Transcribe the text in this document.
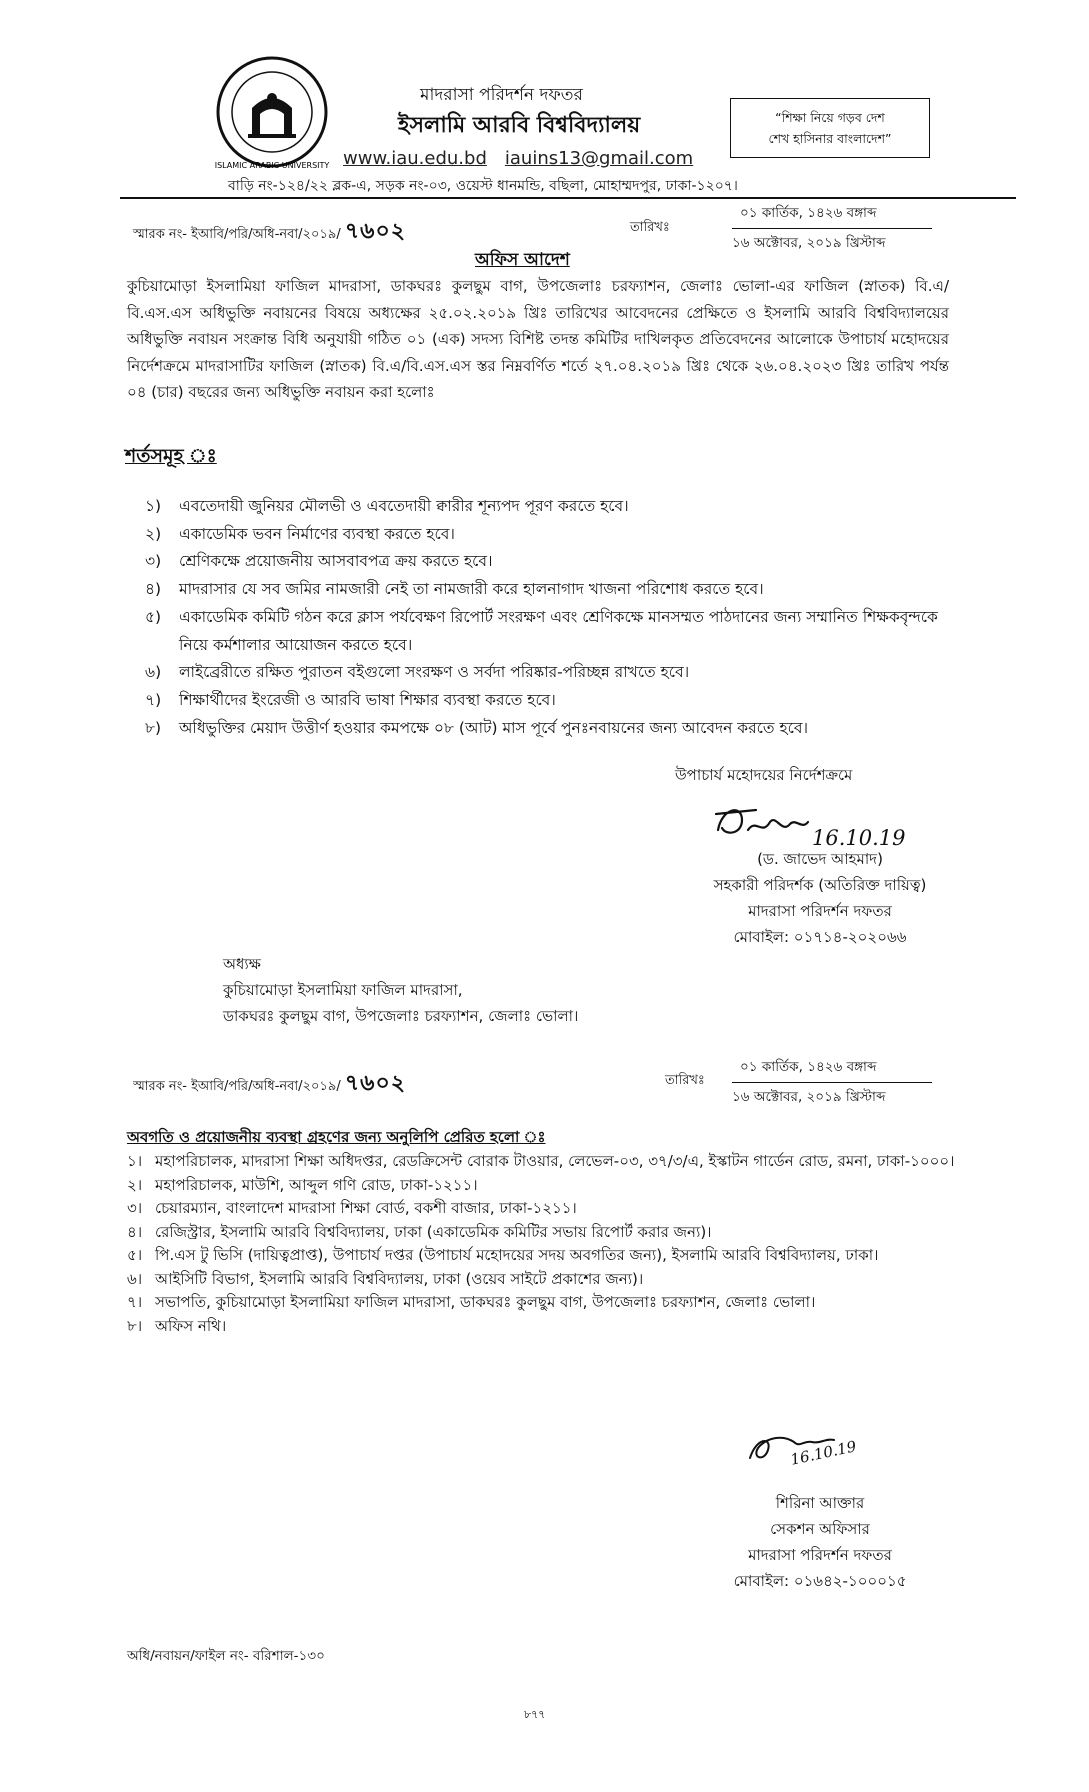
ISLAMIC ARABIC UNIVERSITY
মাদরাসা পরিদর্শন দফতর
ইসলামি আরবি বিশ্ববিদ্যালয়
www.iau.edu.bd iauins13@gmail.com
বাড়ি নং-১২৪/২২ ব্লক-এ, সড়ক নং-০৩, ওয়েস্ট ধানমন্ডি, বছিলা, মোহাম্মদপুর, ঢাকা-১২০৭।
“শিক্ষা নিয়ে গড়ব দেশ
শেখ হাসিনার বাংলাদেশ”
স্মারক নং- ইআবি/পরি/অধি-নবা/২০১৯/ ৭৬০২	তারিখঃ
০১ কার্তিক, ১৪২৬ বঙ্গাব্দ
১৬ অক্টোবর, ২০১৯ খ্রিস্টাব্দ
অফিস আদেশ
কুচিয়ামোড়া ইসলামিয়া ফাজিল মাদরাসা, ডাকঘরঃ কুলছুম বাগ, উপজেলাঃ চরফ্যাশন, জেলাঃ ভোলা-এর ফাজিল (স্নাতক) বি.এ/বি.এস.এস অধিভুক্তি নবায়নের বিষয়ে অধ্যক্ষের ২৫.০২.২০১৯ খ্রিঃ তারিখের আবেদনের প্রেক্ষিতে ও ইসলামি আরবি বিশ্ববিদ্যালয়ের অধিভুক্তি নবায়ন সংক্রান্ত বিধি অনুযায়ী গঠিত ০১ (এক) সদস্য বিশিষ্ট তদন্ত কমিটির দাখিলকৃত প্রতিবেদনের আলোকে উপাচার্য মহোদয়ের নির্দেশক্রমে মাদরাসাটির ফাজিল (স্নাতক) বি.এ/বি.এস.এস স্তর নিম্নবর্ণিত শর্তে ২৭.০৪.২০১৯ খ্রিঃ থেকে ২৬.০৪.২০২৩ খ্রিঃ তারিখ পর্যন্ত ০৪ (চার) বছরের জন্য অধিভুক্তি নবায়ন করা হলোঃ
শর্তসমূহ ঃ
১)	এবতেদায়ী জুনিয়র মৌলভী ও এবতেদায়ী ক্বারীর শূন্যপদ পূরণ করতে হবে।
২)	একাডেমিক ভবন নির্মাণের ব্যবস্থা করতে হবে।
৩)	শ্রেণিকক্ষে প্রয়োজনীয় আসবাবপত্র ক্রয় করতে হবে।
৪)	মাদরাসার যে সব জমির নামজারী নেই তা নামজারী করে হালনাগাদ খাজনা পরিশোধ করতে হবে।
৫)	একাডেমিক কমিটি গঠন করে ক্লাস পর্যবেক্ষণ রিপোর্ট সংরক্ষণ এবং শ্রেণিকক্ষে মানসম্মত পাঠদানের জন্য সম্মানিত শিক্ষকবৃন্দকে নিয়ে কর্মশালার আয়োজন করতে হবে।
৬)	লাইব্রেরীতে রক্ষিত পুরাতন বইগুলো সংরক্ষণ ও সর্বদা পরিষ্কার-পরিচ্ছন্ন রাখতে হবে।
৭)	শিক্ষার্থীদের ইংরেজী ও আরবি ভাষা শিক্ষার ব্যবস্থা করতে হবে।
৮)	অধিভুক্তির মেয়াদ উত্তীর্ণ হওয়ার কমপক্ষে ০৮ (আট) মাস পূর্বে পুনঃনবায়নের জন্য আবেদন করতে হবে।
উপাচার্য মহোদয়ের নির্দেশক্রমে
16.10.19
(ড. জাভেদ আহমাদ)
সহকারী পরিদর্শক (অতিরিক্ত দায়িত্ব)
মাদরাসা পরিদর্শন দফতর
মোবাইল: ০১৭১৪-২০২০৬৬
অধ্যক্ষ
কুচিয়ামোড়া ইসলামিয়া ফাজিল মাদরাসা,
ডাকঘরঃ কুলছুম বাগ, উপজেলাঃ চরফ্যাশন, জেলাঃ ভোলা।
স্মারক নং- ইআবি/পরি/অধি-নবা/২০১৯/ ৭৬০২	তারিখঃ
০১ কার্তিক, ১৪২৬ বঙ্গাব্দ
১৬ অক্টোবর, ২০১৯ খ্রিস্টাব্দ
অবগতি ও প্রয়োজনীয় ব্যবস্থা গ্রহণের জন্য অনুলিপি প্রেরিত হলো ঃ
১। মহাপরিচালক, মাদরাসা শিক্ষা অধিদপ্তর, রেডক্রিসেন্ট বোরাক টাওয়ার, লেভেল-০৩, ৩৭/৩/এ, ইস্কাটন গার্ডেন রোড, রমনা, ঢাকা-১০০০।
২। মহাপরিচালক, মাউশি, আব্দুল গণি রোড, ঢাকা-১২১১।
৩। চেয়ারম্যান, বাংলাদেশ মাদরাসা শিক্ষা বোর্ড, বকশী বাজার, ঢাকা-১২১১।
৪। রেজিস্ট্রার, ইসলামি আরবি বিশ্ববিদ্যালয়, ঢাকা (একাডেমিক কমিটির সভায় রিপোর্ট করার জন্য)।
৫। পি.এস টু ভিসি (দায়িত্বপ্রাপ্ত), উপাচার্য দপ্তর (উপাচার্য মহোদয়ের সদয় অবগতির জন্য), ইসলামি আরবি বিশ্ববিদ্যালয়, ঢাকা।
৬। আইসিটি বিভাগ, ইসলামি আরবি বিশ্ববিদ্যালয়, ঢাকা (ওয়েব সাইটে প্রকাশের জন্য)।
৭। সভাপতি, কুচিয়ামোড়া ইসলামিয়া ফাজিল মাদরাসা, ডাকঘরঃ কুলছুম বাগ, উপজেলাঃ চরফ্যাশন, জেলাঃ ভোলা।
৮। অফিস নথি।
16.10.19
শিরিনা আক্তার
সেকশন অফিসার
মাদরাসা পরিদর্শন দফতর
মোবাইল: ০১৬৪২-১০০০১৫
অধি/নবায়ন/ফাইল নং- বরিশাল-১৩০
৮৭৭
